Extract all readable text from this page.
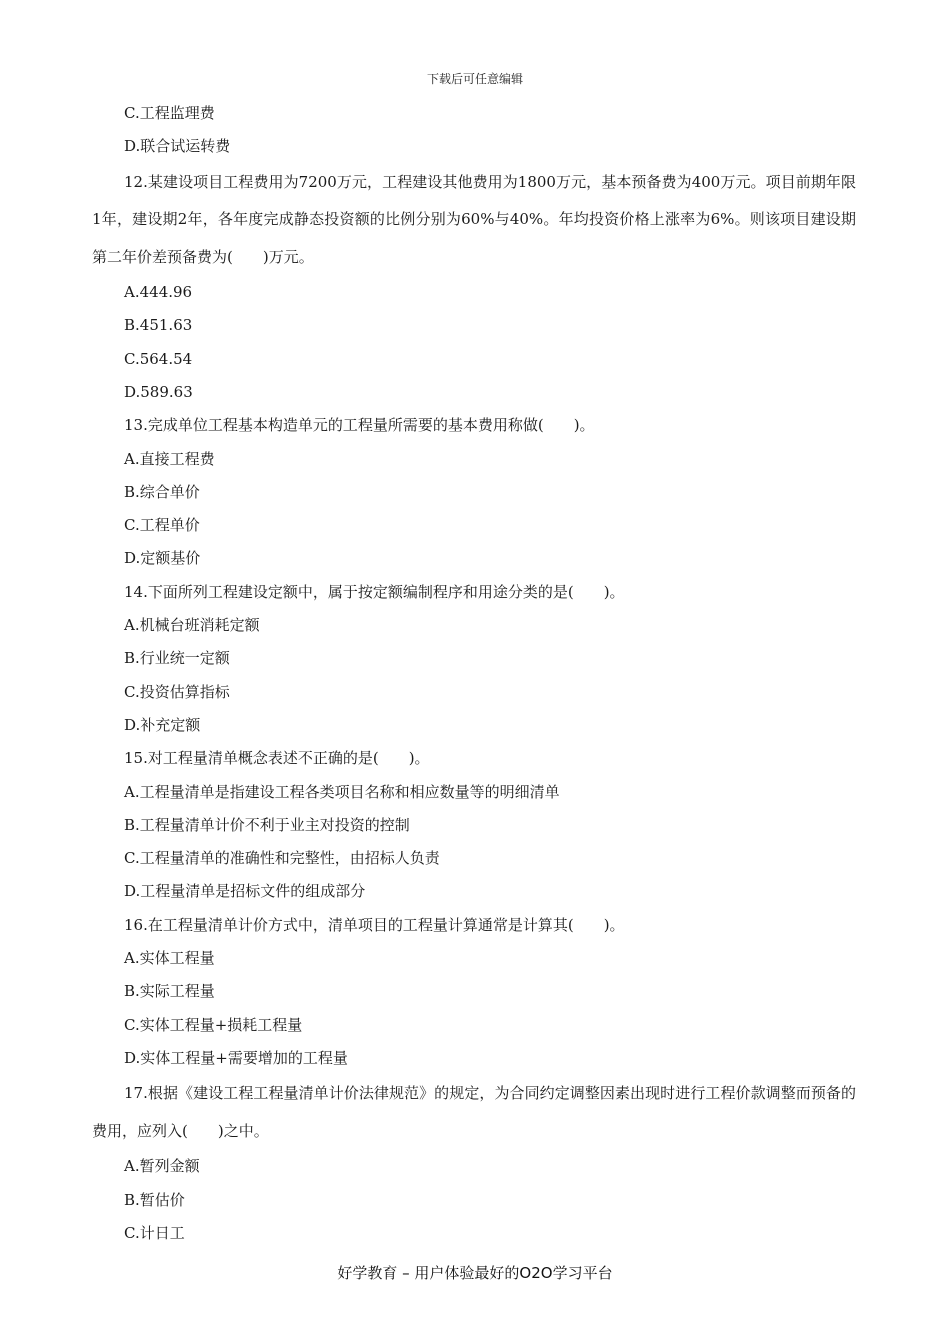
下载后可任意编辑
C.工程监理费
D.联合试运转费
12.某建设项目工程费用为7200万元，工程建设其他费用为1800万元，基本预备费为400万元。项目前期年限1年，建设期2年，各年度完成静态投资额的比例分别为60%与40%。年均投资价格上涨率为6%。则该项目建设期第二年价差预备费为(　　)万元。
A.444.96
B.451.63
C.564.54
D.589.63
13.完成单位工程基本构造单元的工程量所需要的基本费用称做(　　)。
A.直接工程费
B.综合单价
C.工程单价
D.定额基价
14.下面所列工程建设定额中，属于按定额编制程序和用途分类的是(　　)。
A.机械台班消耗定额
B.行业统一定额
C.投资估算指标
D.补充定额
15.对工程量清单概念表述不正确的是(　　)。
A.工程量清单是指建设工程各类项目名称和相应数量等的明细清单
B.工程量清单计价不利于业主对投资的控制
C.工程量清单的准确性和完整性，由招标人负责
D.工程量清单是招标文件的组成部分
16.在工程量清单计价方式中，清单项目的工程量计算通常是计算其(　　)。
A.实体工程量
B.实际工程量
C.实体工程量+损耗工程量
D.实体工程量+需要增加的工程量
17.根据《建设工程工程量清单计价法律规范》的规定，为合同约定调整因素出现时进行工程价款调整而预备的费用，应列入(　　)之中。
A.暂列金额
B.暂估价
C.计日工
好学教育 – 用户体验最好的O2O学习平台
